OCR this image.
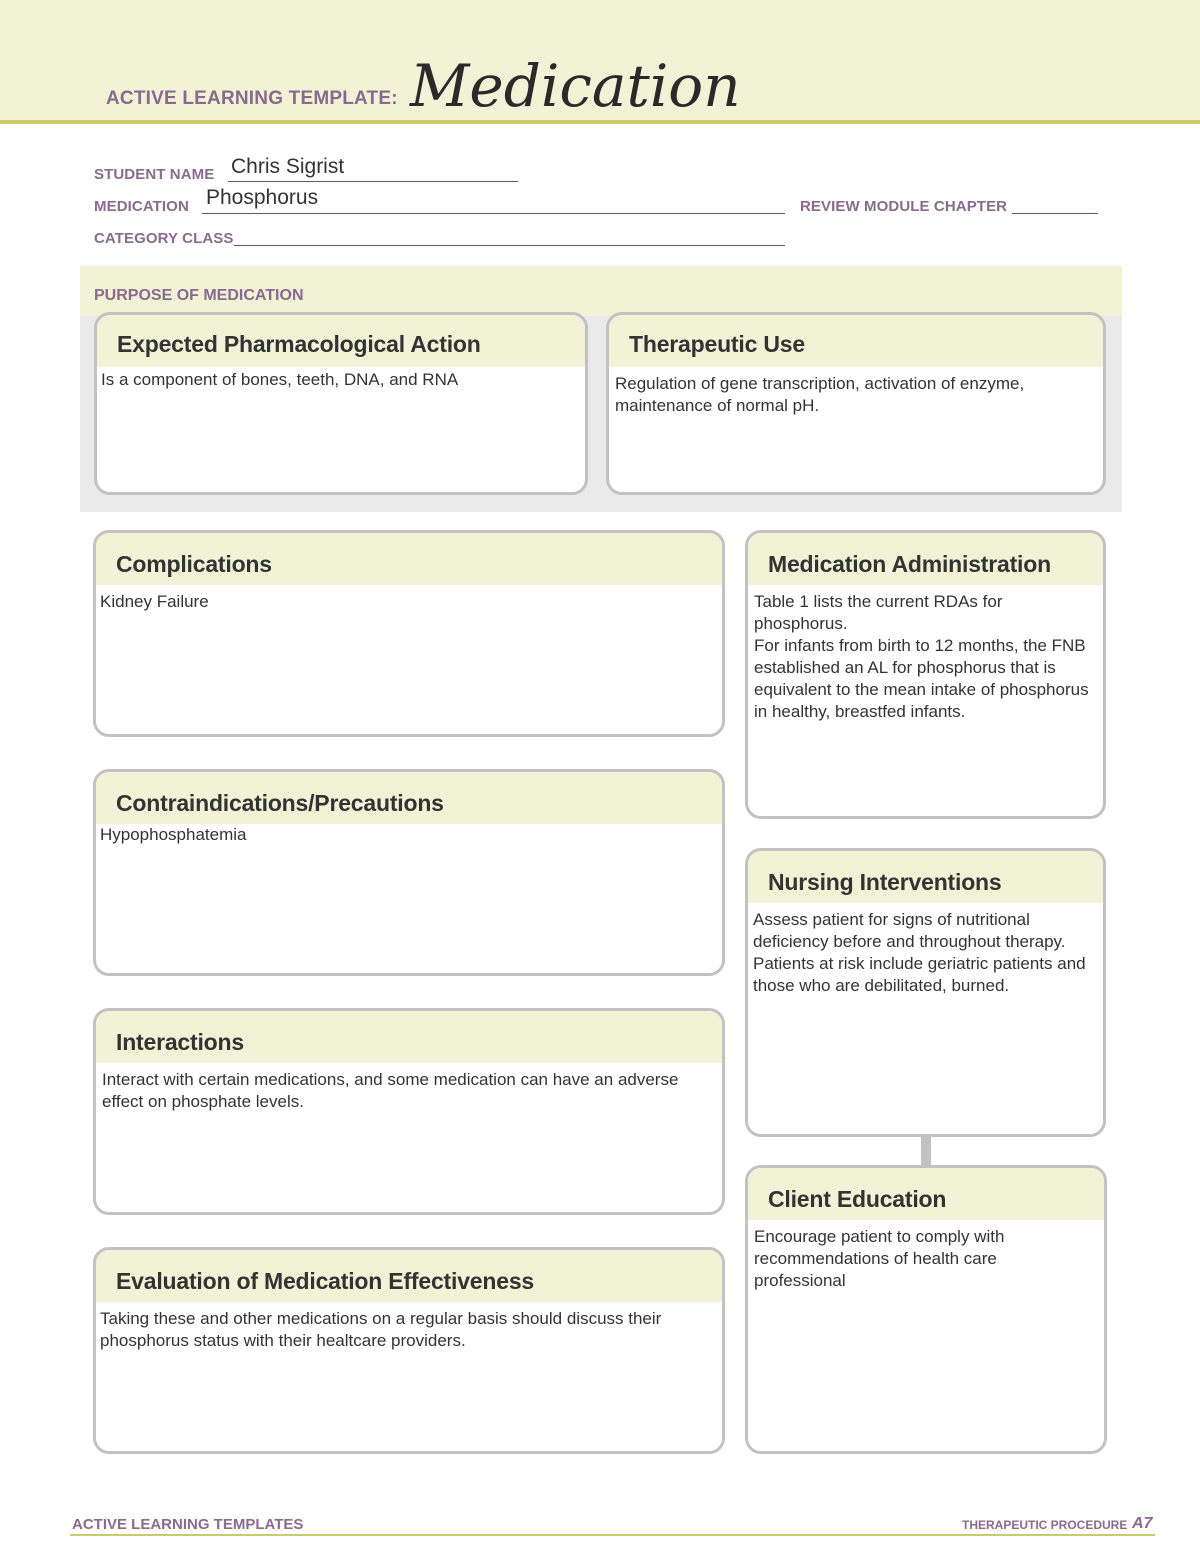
ACTIVE LEARNING TEMPLATE: Medication
STUDENT NAME Chris Sigrist
MEDICATION Phosphorus	REVIEW MODULE CHAPTER
CATEGORY CLASS
PURPOSE OF MEDICATION
Expected Pharmacological Action
Is a component of bones, teeth, DNA, and RNA
Therapeutic Use
Regulation of gene transcription, activation of enzyme,
maintenance of normal pH.
Complications
Kidney Failure
Contraindications/Precautions
Hypophosphatemia
Interactions
Interact with certain medications, and some medication can have an adverse
effect on phosphate levels.
Evaluation of Medication Effectiveness
Taking these and other medications on a regular basis should discuss their
phosphorus status with their healtcare providers.
Medication Administration
Table 1 lists the current RDAs for
phosphorus.
For infants from birth to 12 months, the FNB
established an AL for phosphorus that is
equivalent to the mean intake of phosphorus
in healthy, breastfed infants.
Nursing Interventions
Assess patient for signs of nutritional
deficiency before and throughout therapy.
Patients at risk include geriatric patients and
those who are debilitated, burned.
Client Education
Encourage patient to comply with
recommendations of health care
professional
ACTIVE LEARNING TEMPLATES	THERAPEUTIC PROCEDURE A7
